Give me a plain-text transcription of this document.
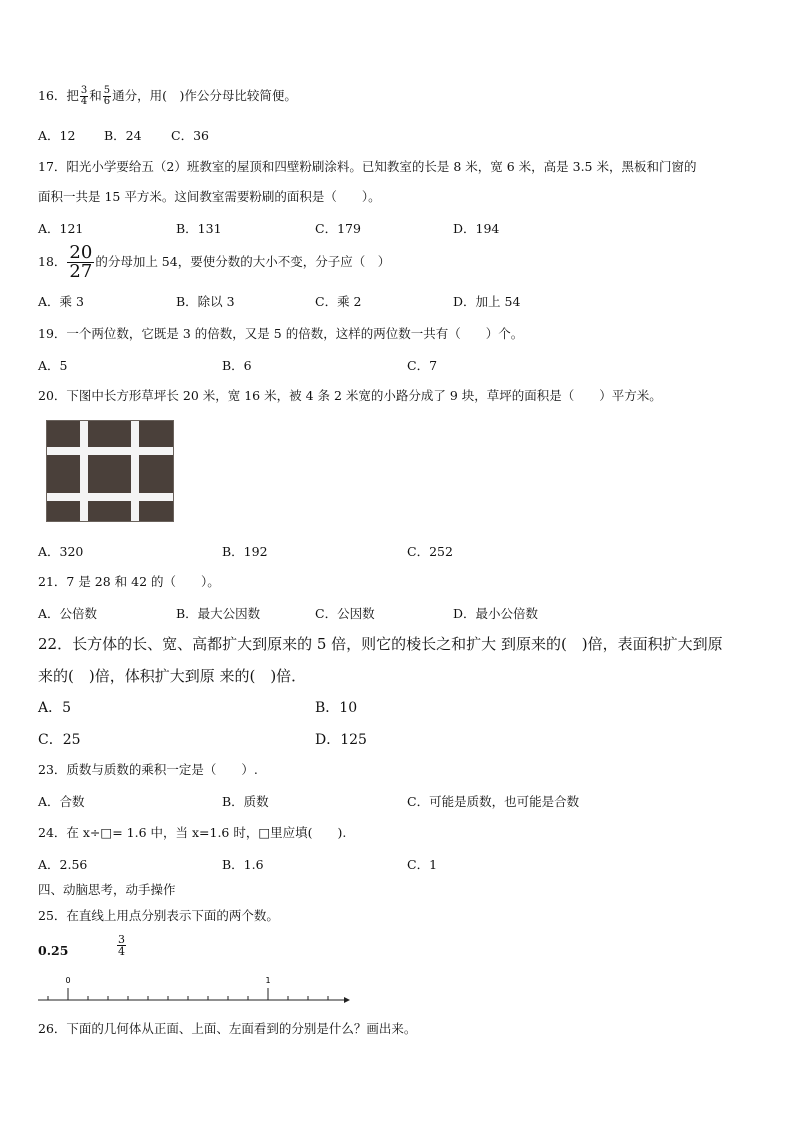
16．把 $\frac{3}{4}$ 和 $\frac{5}{6}$ 通分，用(　)作公分母比较简便。
A．12 B．24 C．36
17．阳光小学要给五（2）班教室的屋顶和四壁粉刷涂料。已知教室的长是 8 米，宽 6 米，高是 3.5 米，黑板和门窗的
面积一共是 15 平方米。这间教室需要粉刷的面积是（　　）。
A．121	B．131	C．179	D．194
18． $\frac{20}{27}$ 的分母加上 54，要使分数的大小不变，分子应（　）
A．乘 3	B．除以 3	C．乘 2	D．加上 54
19．一个两位数，它既是 3 的倍数，又是 5 的倍数，这样的两位数一共有（　　）个。
A．5	B．6	C．7
20．下图中长方形草坪长 20 米，宽 16 米，被 4 条 2 米宽的小路分成了 9 块，草坪的面积是（　　）平方米。
A．320	B．192	C．252
21．7 是 28 和 42 的（　　）。
A．公倍数	B．最大公因数	C．公因数	D．最小公倍数
22．长方体的长、宽、高都扩大到原来的 5 倍，则它的棱长之和扩大 到原来的(　)倍，表面积扩大到原
来的(　)倍，体积扩大到原 来的(　)倍．
A．5	B．10
C．25	D．125
23．质数与质数的乘积一定是（　　）.
A．合数	B．质数	C．可能是质数，也可能是合数
24．在 x÷□= 1.6 中，当 x=1.6 时，□里应填(　　).
A．2.56	B．1.6	C．1
四、动脑思考，动手操作
25．在直线上用点分别表示下面的两个数。
0.25	$\frac{3}{4}$
0	1
26．下面的几何体从正面、上面、左面看到的分别是什么？画出来。
